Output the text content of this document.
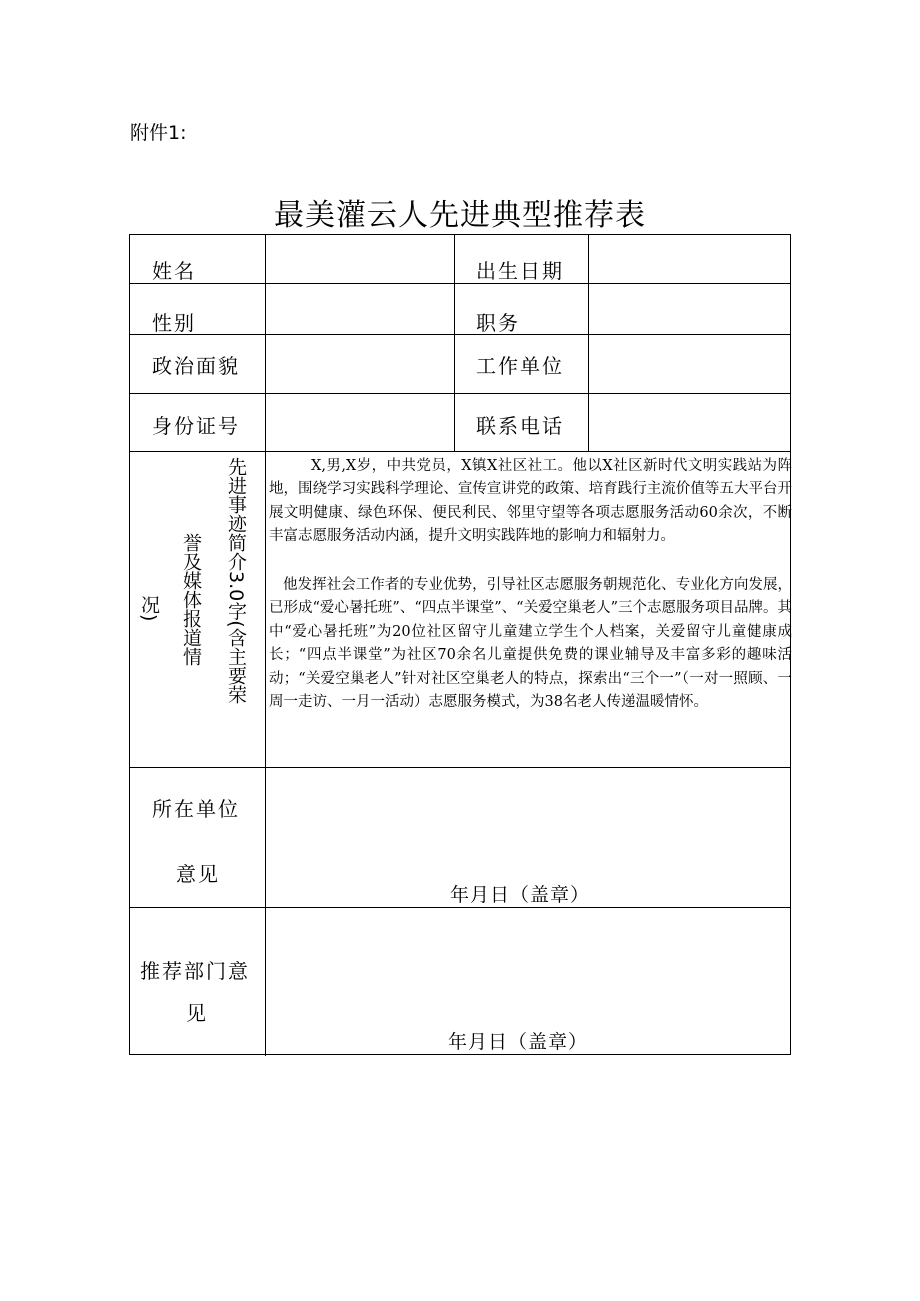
附件1:
最美灌云人先进典型推荐表
姓名	出生日期
性别	职务
政治面貌	工作单位
身份证号	联系电话
先进事迹简介3.0字(含主要荣
誉及媒体报道情
况)
X,男,X岁，中共党员，X镇X社区社工。他以X社区新时代文明实践站为阵地，围绕学习实践科学理论、宣传宣讲党的政策、培育践行主流价值等五大平台开展文明健康、绿色环保、便民利民、邻里守望等各项志愿服务活动60余次，不断丰富志愿服务活动内涵，提升文明实践阵地的影响力和辐射力。
他发挥社会工作者的专业优势，引导社区志愿服务朝规范化、专业化方向发展，已形成“爱心暑托班”、“四点半课堂”、“关爱空巢老人”三个志愿服务项目品牌。其中“爱心暑托班”为20位社区留守儿童建立学生个人档案，关爱留守儿童健康成长；“四点半课堂”为社区70余名儿童提供免费的课业辅导及丰富多彩的趣味活动；“关爱空巢老人”针对社区空巢老人的特点，探索出“三个一”（一对一照顾、一周一走访、一月一活动）志愿服务模式，为38名老人传递温暖情怀。
所在单位
意见
年月日（盖章）
推荐部门意
见
年月日（盖章）
